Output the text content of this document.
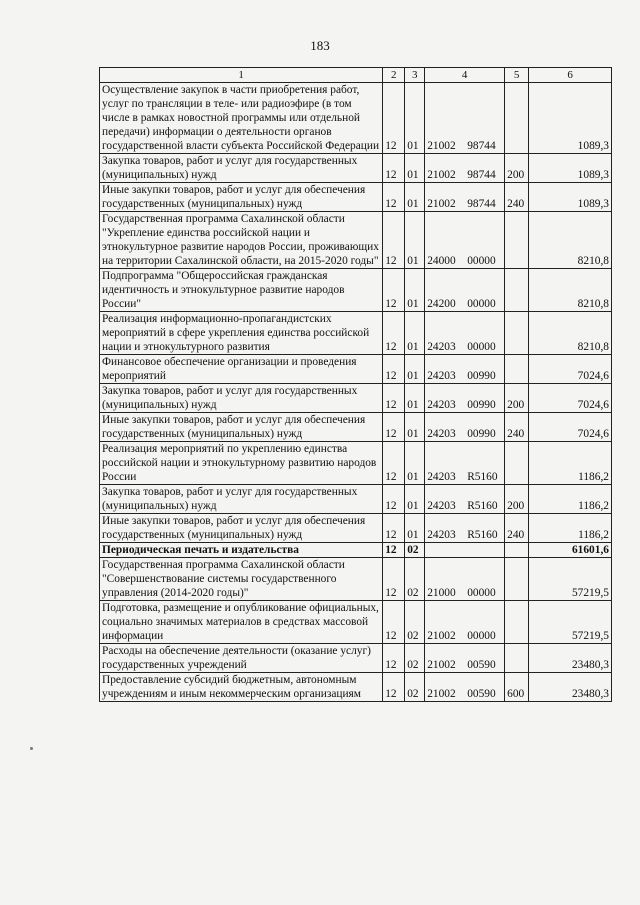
183
1	2	3	4	5	6
Осуществление закупок в части приобретения работ, услуг по трансляции в теле- или радиоэфире (в том числе в рамках новостной программы или отдельной передачи) информации о деятельности органов государственной власти субъекта Российской Федерации	12	01	21002 98744		1089,3
Закупка товаров, работ и услуг для государственных (муниципальных) нужд	12	01	21002 98744	200	1089,3
Иные закупки товаров, работ и услуг для обеспечения государственных (муниципальных) нужд	12	01	21002 98744	240	1089,3
Государственная программа Сахалинской области "Укрепление единства российской нации и этнокультурное развитие народов России, проживающих на территории Сахалинской области, на 2015-2020 годы"	12	01	24000 00000		8210,8
Подпрограмма "Общероссийская гражданская идентичность и этнокультурное развитие народов России"	12	01	24200 00000		8210,8
Реализация информационно-пропагандистских мероприятий в сфере укрепления единства российской нации и этнокультурного развития	12	01	24203 00000		8210,8
Финансовое обеспечение организации и проведения мероприятий	12	01	24203 00990		7024,6
Закупка товаров, работ и услуг для государственных (муниципальных) нужд	12	01	24203 00990	200	7024,6
Иные закупки товаров, работ и услуг для обеспечения государственных (муниципальных) нужд	12	01	24203 00990	240	7024,6
Реализация мероприятий по укреплению единства российской нации и этнокультурному развитию народов России	12	01	24203 R5160		1186,2
Закупка товаров, работ и услуг для государственных (муниципальных) нужд	12	01	24203 R5160	200	1186,2
Иные закупки товаров, работ и услуг для обеспечения государственных (муниципальных) нужд	12	01	24203 R5160	240	1186,2
Периодическая печать и издательства	12	02			61601,6
Государственная программа Сахалинской области "Совершенствование системы государственного управления (2014-2020 годы)"	12	02	21000 00000		57219,5
Подготовка, размещение и опубликование официальных, социально значимых материалов в средствах массовой информации	12	02	21002 00000		57219,5
Расходы на обеспечение деятельности (оказание услуг) государственных учреждений	12	02	21002 00590		23480,3
Предоставление субсидий бюджетным, автономным учреждениям и иным некоммерческим организациям	12	02	21002 00590	600	23480,3
